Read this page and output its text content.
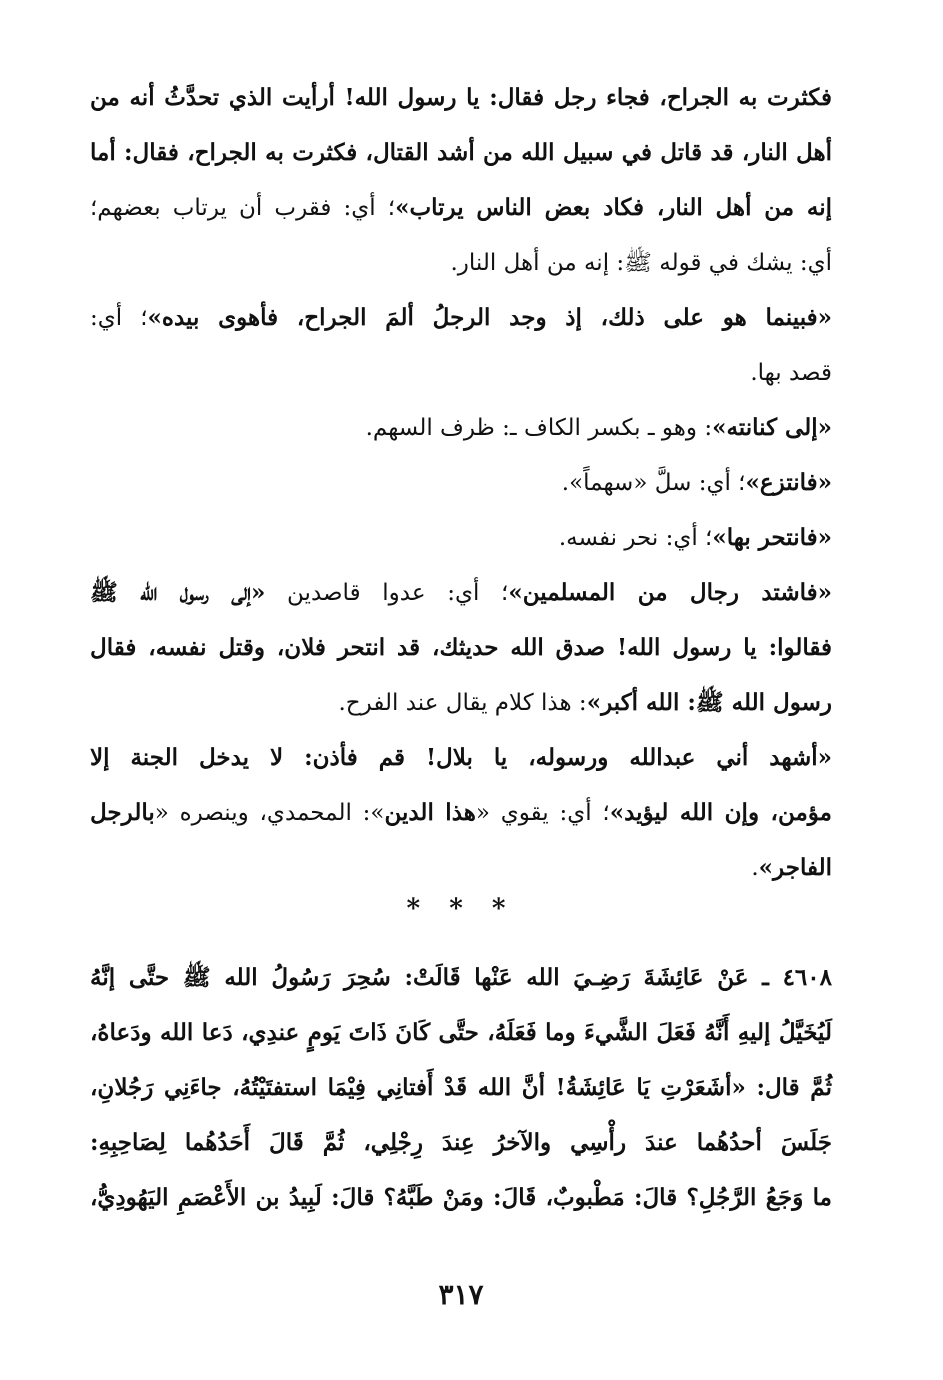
فكثرت به الجراح، فجاء رجل فقال: يا رسول الله! أرأيت الذي تحدَّثُ أنه من
أهل النار، قد قاتل في سبيل الله من أشد القتال، فكثرت به الجراح، فقال: أما
إنه من أهل النار، فكاد بعض الناس يرتاب»؛ أي: فقرب أن يرتاب بعضهم؛
أي: يشك في قوله ﷺ: إنه من أهل النار.
«فبينما هو على ذلك، إذ وجد الرجلُ ألمَ الجراح، فأهوى بيده»؛ أي:
قصد بها.
«إلى كنانته»: وهو ـ بكسر الكاف ـ: ظرف السهم.
«فانتزع»؛ أي: سلَّ «سهماً».
«فانتحر بها»؛ أي: نحر نفسه.
«فاشتد رجال من المسلمين»؛ أي: عدوا قاصدين «إلى رسول الله ﷺ
فقالوا: يا رسول الله! صدق الله حديثك، قد انتحر فلان، وقتل نفسه، فقال
رسول الله ﷺ: الله أكبر»: هذا كلام يقال عند الفرح.
«أشهد أني عبدالله ورسوله، يا بلال! قم فأذن: لا يدخل الجنة إلا
مؤمن، وإن الله ليؤيد»؛ أي: يقوي «هذا الدين»: المحمدي، وينصره «بالرجل
الفاجر».
* * *
٤٦٠٨ ـ عَنْ عَائِشَةَ رَضِـيَ الله عَنْها قَالَتْ: سُحِرَ رَسُولُ الله ﷺ حتَّى إنَّهُ
لَيُخَيَّلُ إليهِ أَنَّهُ فَعَلَ الشَّيءَ وما فَعَلَهُ، حتَّى كَانَ ذَاتَ يَومٍ عندِي، دَعا الله ودَعاهُ،
ثُمَّ قال: «أشَعَرْتِ يَا عَائِشَةُ! أنَّ الله قَدْ أَفتانِي فِيْمَا استفتَيْتُهُ، جاءَنِي رَجُلانِ،
جَلَسَ أحدُهُما عندَ رأْسِي والآخرُ عِندَ رِجْلِي، ثُمَّ قَالَ أَحَدُهُما لِصَاحِبِهِ:
ما وَجَعُ الرَّجُلِ؟ قالَ: مَطْبوبٌ، قَالَ: ومَنْ طَبَّهُ؟ قالَ: لَبِيدُ بن الأَعْصَمِ اليَهُودِيُّ،
٣١٧
